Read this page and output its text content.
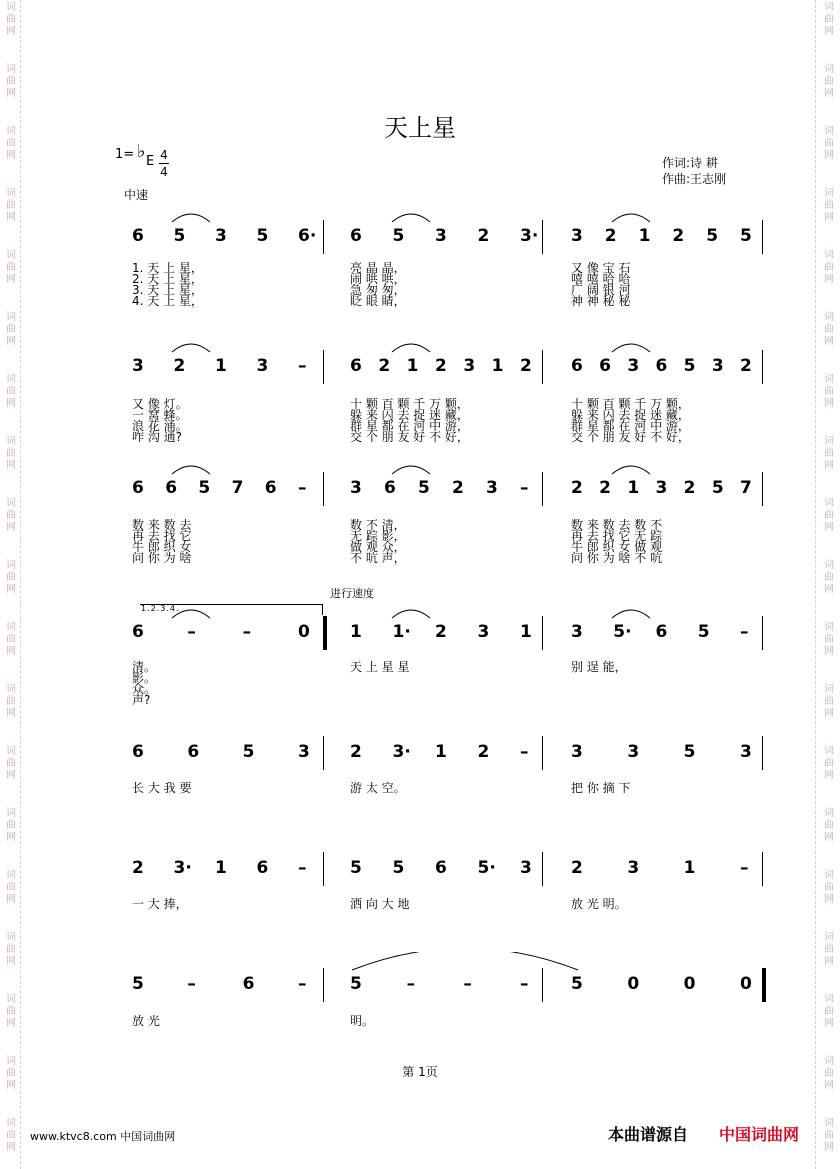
词
曲
网
词
曲
网
词
曲
网
词
曲
网
词
曲
网
词
曲
网
词
曲
网
词
曲
网
词
曲
网
词
曲
网
词
曲
网
词
曲
网
词
曲
网
词
曲
网
词
曲
网
词
曲
网
词
曲
网
词
曲
网
词
曲
网
词
曲
网
词
曲
网
词
曲
网
词
曲
网
词
曲
网
词
曲
网
词
曲
网
词
曲
网
词
曲
网
词
曲
网
词
曲
网
词
曲
网
词
曲
网
词
曲
网
词
曲
网
词
曲
网
词
曲
网
词
曲
网
词
曲
网
天上星
1= ♭ E $\frac{4}{4}$
中速
作词:诗 耕
作曲:王志刚
进行速度
1.2.3.4.
6 5 3 5 6·
1. 天 上 星，
2. 天 上 星，
3. 天 上 星，
4. 天 上 星，
6 5 3 2 3·
亮 晶 晶，
闹 哄 哄，
急 匆 匆，
眨 眼 睛，
3 2 1 2 5 5
又 像 宝 石
嘻 嘻 哈 哈
广 阔 银 河
神 神 秘 秘
3 2 1 3 –
又 像 灯。
一 窝 蜂。
浪 花 涌。
咋 沟 通?
6 2 1 2 3 1 2
十 颗 百 颗 千 万 颗，
躲 来 闪 去 捉 迷 藏，
群 星 都 在 河 中 游，
交 个 朋 友 好 不 好，
6 6 3 6 5 3 2
十 颗 百 颗 千 万 颗，
躲 来 闪 去 捉 迷 藏，
群 星 都 在 河 中 游，
交 个 朋 友 好 不 好，
6 6 5 7 6 –
数 来 数 去
再 去 找 它
牛 郎 织 女
问 你 为 啥
3 6 5 2 3 –
数 不 清，
无 踪 影，
做 观 众，
不 吭 声，
2 2 1 3 2 5 7
数 来 数 去 数 不
再 去 找 它 无 踪
牛 郎 织 女 做 观
问 你 为 啥 不 吭
6	–	–	0
清。
影。
众。
声?
1 1· 2 3 1
天 上 星 星
3 5· 6 5 –
别 逞 能，
6	6	5	3
长 大 我 要
2 3· 1 2 –
游 太 空。
3	3	5	3
把 你 摘 下
2 3· 1 6 –
一 大 捧，
5 5 6 5· 3
洒 向 大 地
2	3	1	–
放 光 明。
5	–	6	–
放 光
5	–	–	–
明。
5	0	0	0
第 1页
www.ktvc8.com 中国词曲网	本曲谱源自 中国词曲网
